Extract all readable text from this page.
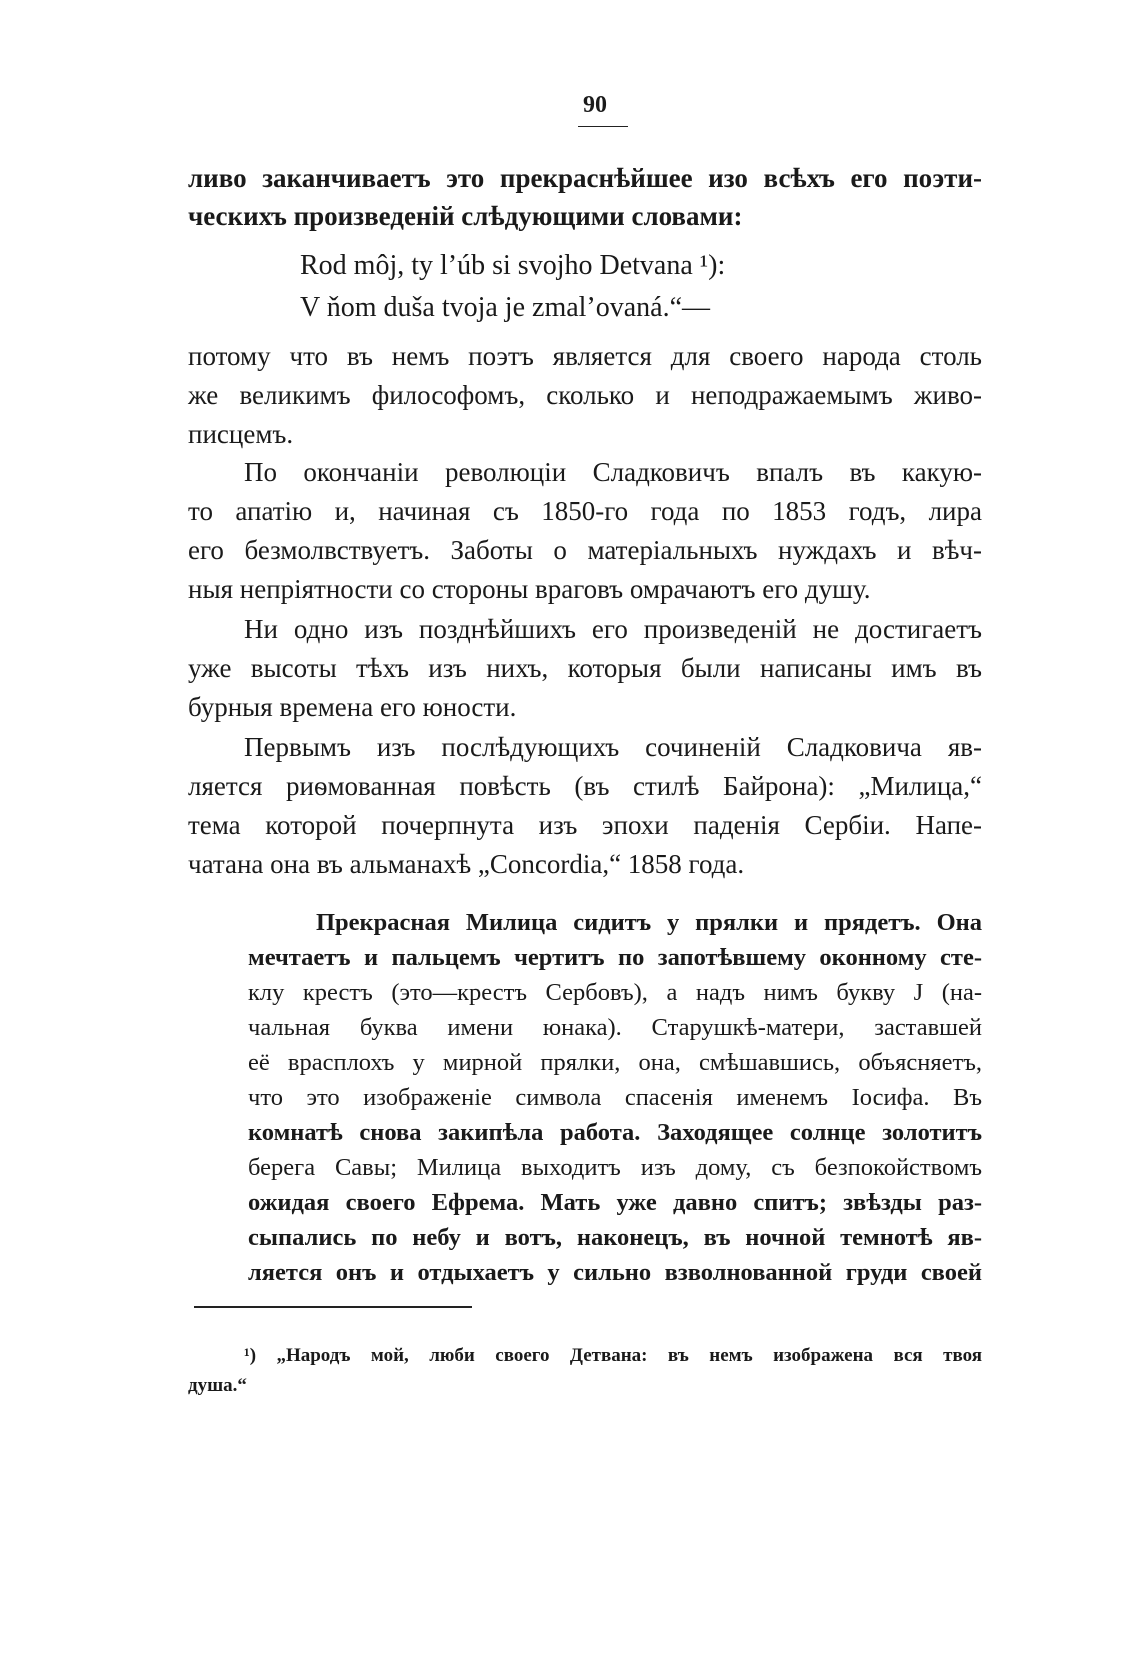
90
ливо заканчиваетъ это прекраснѣйшее изо всѣхъ его поэти-
ческихъ произведенiй слѣдующими словами:
Rod môj, ty l’úb si svojho Detvana ¹):
V ňom duša tvoja je zmal’ovaná.“—
потому что въ немъ поэтъ является для своего народа столь
же великимъ философомъ, сколько и неподражаемымъ живо-
писцемъ.
По окончанiи революцiи Сладковичъ впалъ въ какую-
то апатiю и, начиная съ 1850-го года по 1853 годъ, лира
его безмолвствуетъ. Заботы о матерiальныхъ нуждахъ и вѣч-
ныя непрiятности со стороны враговъ омрачаютъ его душу.
Ни одно изъ позднѣйшихъ его произведенiй не достигаетъ
уже высоты тѣхъ изъ нихъ, которыя были написаны имъ въ
бурныя времена его юности.
Первымъ изъ послѣдующихъ сочиненiй Сладковича яв-
ляется риѳмованная повѣсть (въ стилѣ Байрона): „Милица,“
тема которой почерпнута изъ эпохи паденiя Сербiи. Напе-
чатана она въ альманахѣ „Concordia,“ 1858 года.
Прекрасная Милица сидитъ у прялки и прядетъ. Она
мечтаетъ и пальцемъ чертитъ по запотѣвшему оконному сте-
клу крестъ (это—крестъ Сербовъ), а надъ нимъ букву J (на-
чальная буква имени юнака). Старушкѣ-матери, заставшей
её врасплохъ у мирной прялки, она, смѣшавшись, объясняетъ,
что это изображенiе символа спасенiя именемъ Iосифа. Въ
комнатѣ снова закипѣла работа. Заходящее солнце золотитъ
берега Савы; Милица выходитъ изъ дому, съ безпокойствомъ
ожидая своего Ефрема. Мать уже давно спитъ; звѣзды раз-
сыпались по небу и вотъ, наконецъ, въ ночной темнотѣ яв-
ляется онъ и отдыхаетъ у сильно взволнованной груди своей
¹) „Народъ мой, люби своего Детвана: въ немъ изображена вся твоя
душа.“
